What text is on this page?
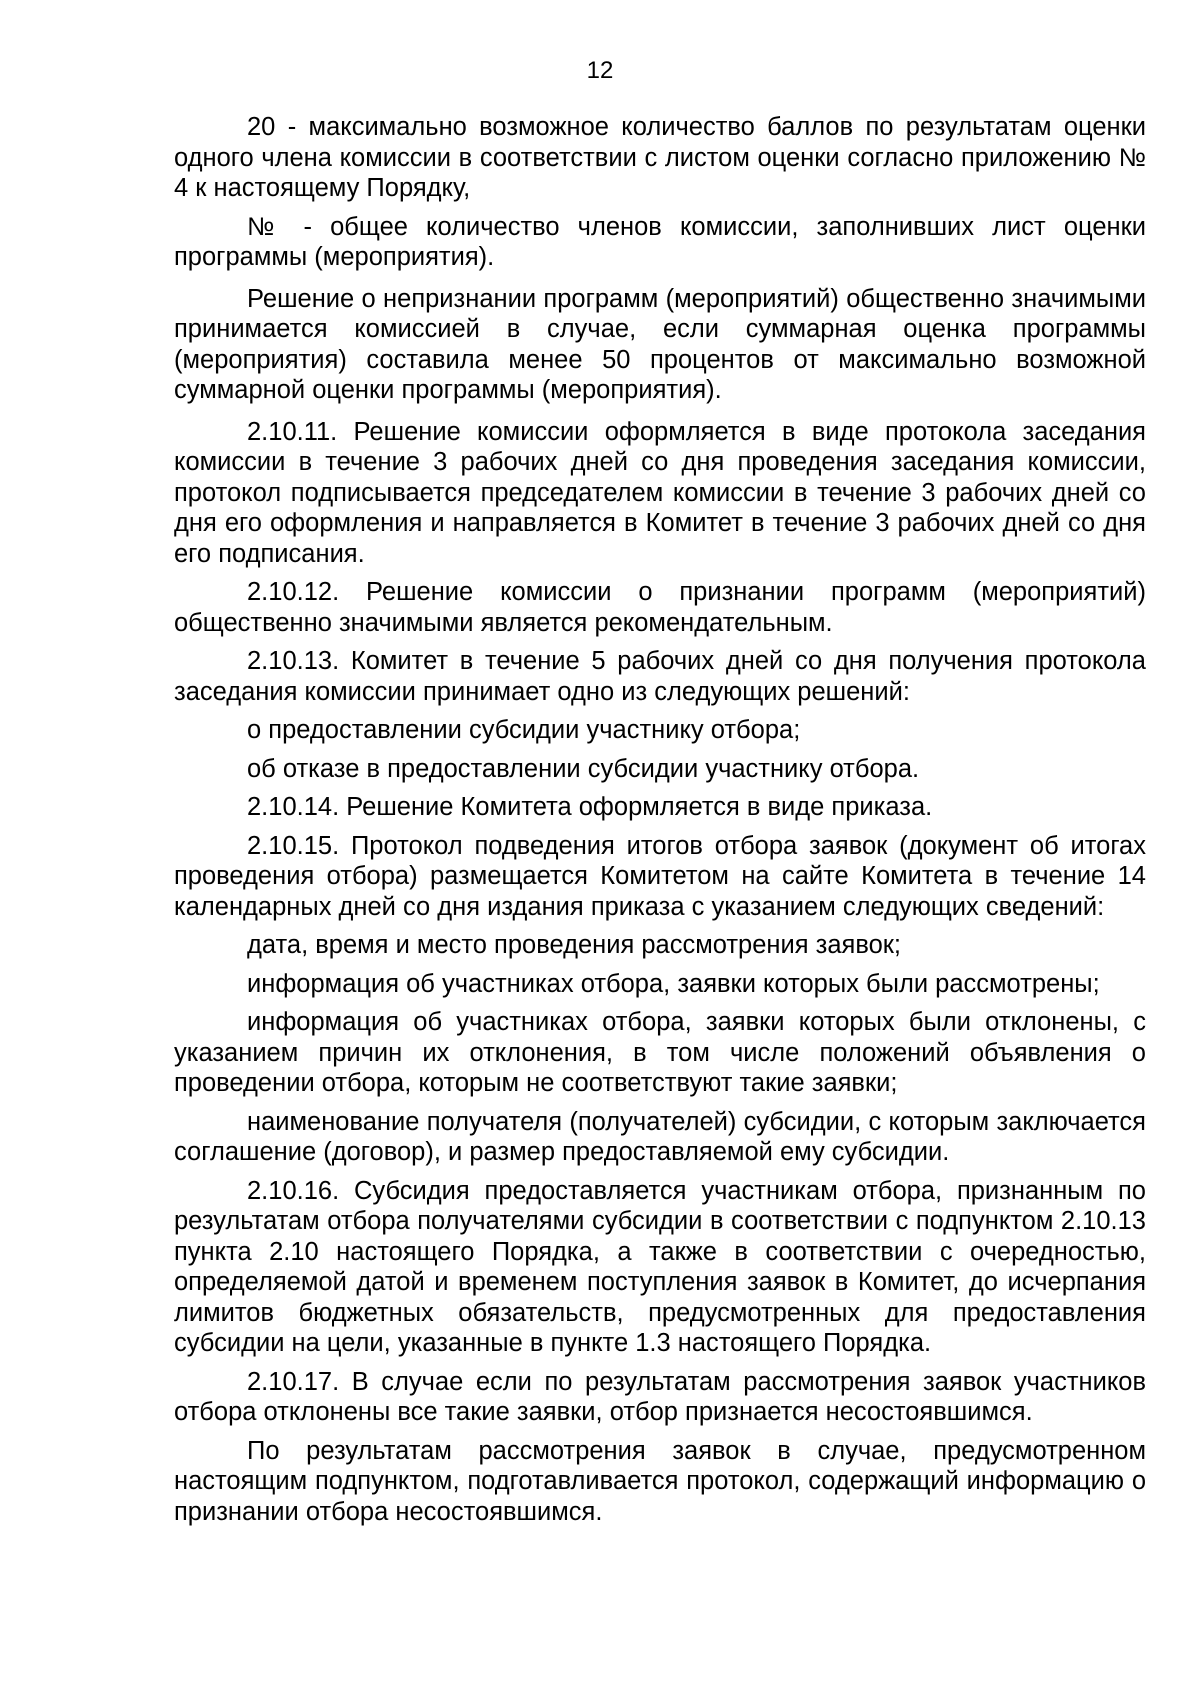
12

20 - максимально возможное количество баллов по результатам оценки одного члена комиссии в соответствии с листом оценки согласно приложению № 4 к настоящему Порядку,

№ - общее количество членов комиссии, заполнивших лист оценки программы (мероприятия).

Решение о непризнании программ (мероприятий) общественно значимыми принимается комиссией в случае, если суммарная оценка программы (мероприятия) составила менее 50 процентов от максимально возможной суммарной оценки программы (мероприятия).

2.10.11. Решение комиссии оформляется в виде протокола заседания комиссии в течение 3 рабочих дней со дня проведения заседания комиссии, протокол подписывается председателем комиссии в течение 3 рабочих дней со дня его оформления и направляется в Комитет в течение 3 рабочих дней со дня его подписания.

2.10.12. Решение комиссии о признании программ (мероприятий) общественно значимыми является рекомендательным.

2.10.13. Комитет в течение 5 рабочих дней со дня получения протокола заседания комиссии принимает одно из следующих решений:

о предоставлении субсидии участнику отбора;

об отказе в предоставлении субсидии участнику отбора.

2.10.14. Решение Комитета оформляется в виде приказа.

2.10.15. Протокол подведения итогов отбора заявок (документ об итогах проведения отбора) размещается Комитетом на сайте Комитета в течение 14 календарных дней со дня издания приказа с указанием следующих сведений:

дата, время и место проведения рассмотрения заявок;

информация об участниках отбора, заявки которых были рассмотрены;

информация об участниках отбора, заявки которых были отклонены, с указанием причин их отклонения, в том числе положений объявления о проведении отбора, которым не соответствуют такие заявки;

наименование получателя (получателей) субсидии, с которым заключается соглашение (договор), и размер предоставляемой ему субсидии.

2.10.16. Субсидия предоставляется участникам отбора, признанным по результатам отбора получателями субсидии в соответствии с подпунктом 2.10.13 пункта 2.10 настоящего Порядка, а также в соответствии с очередностью, определяемой датой и временем поступления заявок в Комитет, до исчерпания лимитов бюджетных обязательств, предусмотренных для предоставления субсидии на цели, указанные в пункте 1.3 настоящего Порядка.

2.10.17. В случае если по результатам рассмотрения заявок участников отбора отклонены все такие заявки, отбор признается несостоявшимся.

По результатам рассмотрения заявок в случае, предусмотренном настоящим подпунктом, подготавливается протокол, содержащий информацию о признании отбора несостоявшимся.
